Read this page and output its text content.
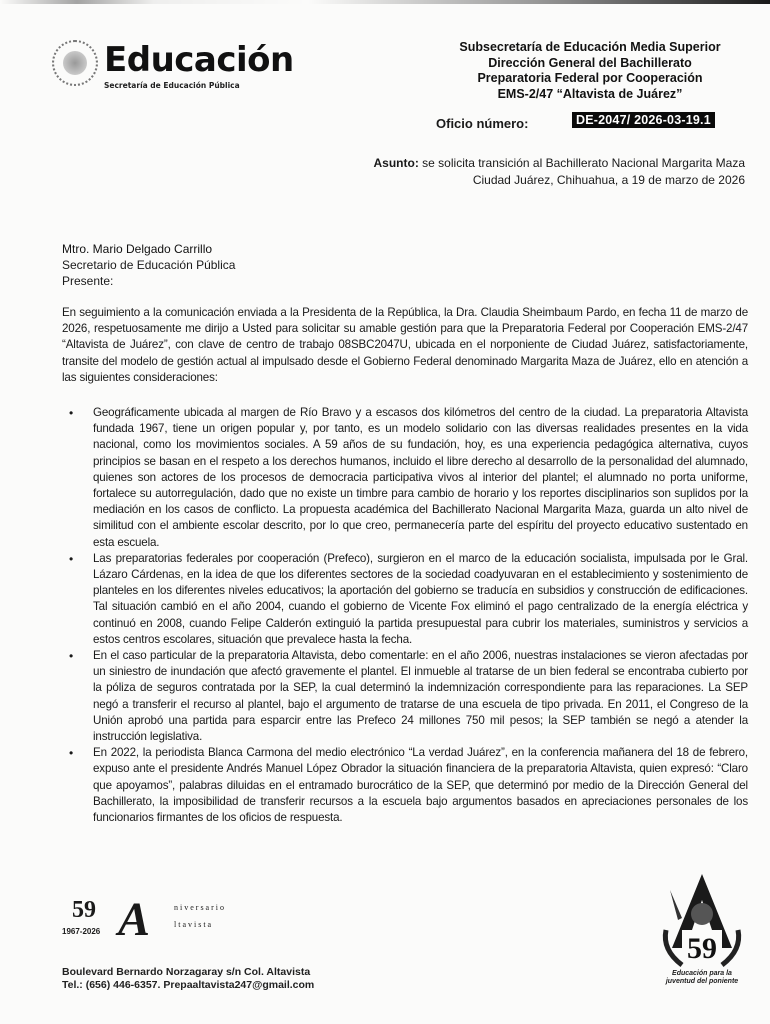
Educación
Secretaría de Educación Pública
Subsecretaría de Educación Media Superior
Dirección General del Bachillerato
Preparatoria Federal por Cooperación
EMS-2/47 “Altavista de Juárez”
Oficio número:	DE-2047/ 2026-03-19.1
Asunto: se solicita transición al Bachillerato Nacional Margarita Maza
Ciudad Juárez, Chihuahua, a 19 de marzo de 2026
Mtro. Mario Delgado Carrillo
Secretario de Educación Pública
Presente:
En seguimiento a la comunicación enviada a la Presidenta de la República, la Dra. Claudia Sheimbaum Pardo, en fecha 11 de marzo de 2026, respetuosamente me dirijo a Usted para solicitar su amable gestión para que la Preparatoria Federal por Cooperación EMS-2/47 “Altavista de Juárez”, con clave de centro de trabajo 08SBC2047U, ubicada en el norponiente de Ciudad Juárez, satisfactoriamente, transite del modelo de gestión actual al impulsado desde el Gobierno Federal denominado Margarita Maza de Juárez, ello en atención a las siguientes consideraciones:
• Geográficamente ubicada al margen de Río Bravo y a escasos dos kilómetros del centro de la ciudad. La preparatoria Altavista fundada 1967, tiene un origen popular y, por tanto, es un modelo solidario con las diversas realidades presentes en la vida nacional, como los movimientos sociales. A 59 años de su fundación, hoy, es una experiencia pedagógica alternativa, cuyos principios se basan en el respeto a los derechos humanos, incluido el libre derecho al desarrollo de la personalidad del alumnado, quienes son actores de los procesos de democracia participativa vivos al interior del plantel; el alumnado no porta uniforme, fortalece su autorregulación, dado que no existe un timbre para cambio de horario y los reportes disciplinarios son suplidos por la mediación en los casos de conflicto. La propuesta académica del Bachillerato Nacional Margarita Maza, guarda un alto nivel de similitud con el ambiente escolar descrito, por lo que creo, permanecería parte del espíritu del proyecto educativo sustentado en esta escuela.
• Las preparatorias federales por cooperación (Prefeco), surgieron en el marco de la educación socialista, impulsada por le Gral. Lázaro Cárdenas, en la idea de que los diferentes sectores de la sociedad coadyuvaran en el establecimiento y sostenimiento de planteles en los diferentes niveles educativos; la aportación del gobierno se traducía en subsidios y construcción de edificaciones. Tal situación cambió en el año 2004, cuando el gobierno de Vicente Fox eliminó el pago centralizado de la energía eléctrica y continuó en 2008, cuando Felipe Calderón extinguió la partida presupuestal para cubrir los materiales, suministros y servicios a estos centros escolares, situación que prevalece hasta la fecha.
• En el caso particular de la preparatoria Altavista, debo comentarle: en el año 2006, nuestras instalaciones se vieron afectadas por un siniestro de inundación que afectó gravemente el plantel. El inmueble al tratarse de un bien federal se encontraba cubierto por la póliza de seguros contratada por la SEP, la cual determinó la indemnización correspondiente para las reparaciones. La SEP negó a transferir el recurso al plantel, bajo el argumento de tratarse de una escuela de tipo privada. En 2011, el Congreso de la Unión aprobó una partida para esparcir entre las Prefeco 24 millones 750 mil pesos; la SEP también se negó a atender la instrucción legislativa.
• En 2022, la periodista Blanca Carmona del medio electrónico “La verdad Juárez”, en la conferencia mañanera del 18 de febrero, expuso ante el presidente Andrés Manuel López Obrador la situación financiera de la preparatoria Altavista, quien expresó: “Claro que apoyamos”, palabras diluidas en el entramado burocrático de la SEP, que determinó por medio de la Dirección General del Bachillerato, la imposibilidad de transferir recursos a la escuela bajo argumentos basados en apreciaciones personales de los funcionarios firmantes de los oficios de respuesta.
59
1967-2026 A	niversario
ltavista
Boulevard Bernardo Norzagaray s/n Col. Altavista
Tel.: (656) 446-6357. Prepaaltavista247@gmail.com
59
Educación para la
juventud del poniente
